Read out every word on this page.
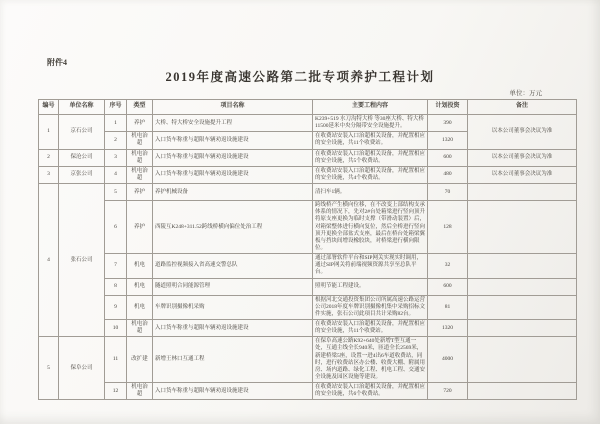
附件4
2019年度高速公路第二批专项养护工程计划
单位：万元
编号	单位名称	序号	类型	项目名称	主要工程内容	计划投资	备注
1	京石公司	1	养护	大桥、特大桥安全设施提升工程	K239+519 水刀沟特大桥 等30座大桥、特大桥11500延米中央分隔带安全设施提升。	390	以本公司董事会决议为准
		2	机电治超	入口货车称重与超限车辆劝返设施建设	在收费站安装入口治超相关设备，并配置相应的安全设施，共11个收费站。	1320	
2	保沧公司	3	机电治超	入口货车称重与超限车辆劝返设施建设	在收费站安装入口治超相关设备，并配置相应的安全设施，共5个收费站。	600	以本公司董事会决议为准
3	京张公司	4	机电治超	入口货车称重与超限车辆劝返设施建设	在收费站安装入口治超相关设备，并配置相应的安全设施，共4个收费站。	480	以本公司董事会决议为准
4	张石公司	5	养护	养护机械设备	清扫车1辆。	70	
		6	养护	西陵互K248+311.52跨线桥横向偏位处治工程	跨线桥产生横向位移，在不改变上部结构支承体系的情况下，先对2#台处箱梁进行竖向顶升将原支座更换为临时支撑（带滑动装置）后，对箱梁整体进行横向复位，然后全桥进行竖向顶升更换全部盆式支座，最后在桥台处箱梁翼板与挡块间增设橡胶块，对桥梁进行横向限位。	128	
		7	机电	道路监控视频接入省高速交警总队	通过部署软件平台和SIP网关实现实时调用，通过SIP网关将前端视频资源共享至总队平台。	32	
		8	机电	隧道照明合同能源管理	照明节能工程建设。	600	
		9	机电	车牌识别摄像机采购	根据河北交通投资集团公司所属高速公路运营公司2018年度车牌识别摄像机集中采购招标文件实施，张石公司此项目共计采购82台。	81	
		10	机电治超	入口货车称重与超限车辆劝返设施建设	在收费站安装入口治超相关设备，并配置相应的安全设施，共11个收费站。	1320	
5	保阜公司	11	改扩建	新增王林口互通工程	在保阜高速公路K92+640处新增T型互通一处，互通主线全长940米，匝道全长2569米，新建桥梁5座，设置一进4出6车道收费站，同时，进行收费站区办公楼、收费大棚、附属用房、场内道路、绿化工程、机电工程、交通安全设施及园区设施等建设。	4000	
		12	机电治超	入口货车称重与超限车辆劝返设施建设	在收费站安装入口治超相关设备，并配置相应的安全设施，共6个收费站。	720	
